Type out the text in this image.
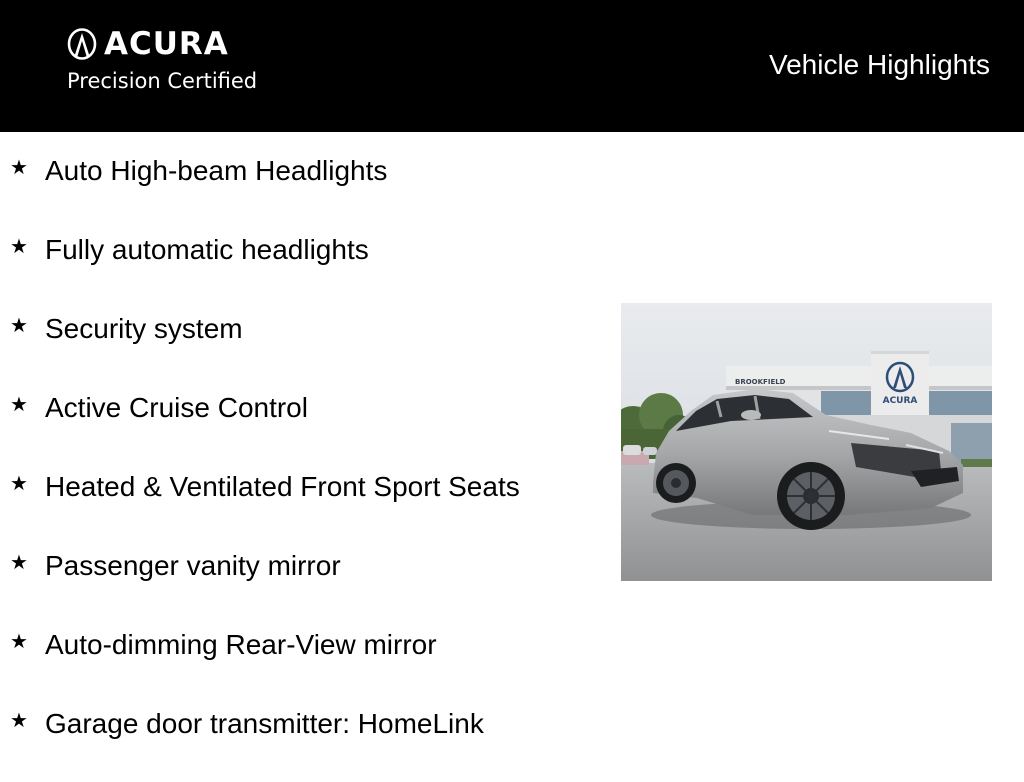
ACURA
Precision Certified
Vehicle Highlights
★ Auto High-beam Headlights
★ Fully automatic headlights
★ Security system
★ Active Cruise Control
★ Heated & Ventilated Front Sport Seats
★ Passenger vanity mirror
★ Auto-dimming Rear-View mirror
★ Garage door transmitter: HomeLink
ACURA
BROOKFIELD
